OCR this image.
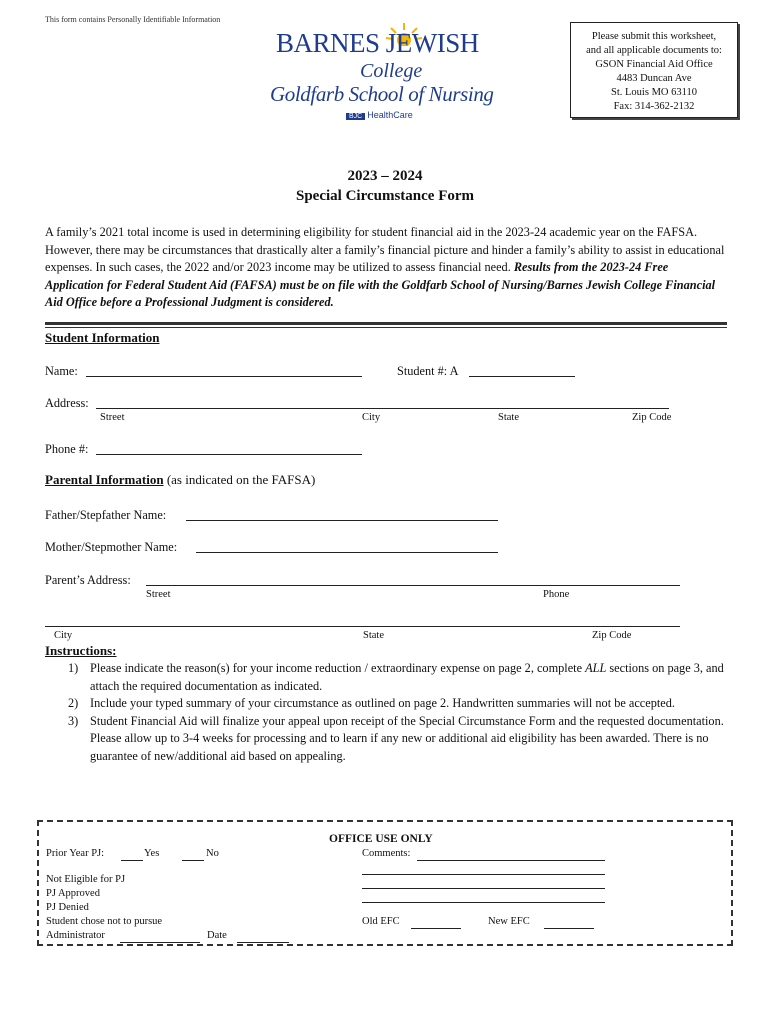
This form contains Personally Identifiable Information
BARNES JEWISH
College
Goldfarb School of Nursing
BJC HealthCare
Please submit this worksheet,
and all applicable documents to:
GSON Financial Aid Office
4483 Duncan Ave
St. Louis MO 63110
Fax: 314-362-2132
2023 – 2024
Special Circumstance Form
A family’s 2021 total income is used in determining eligibility for student financial aid in the 2023-24 academic year on the FAFSA. However, there may be circumstances that drastically alter a family’s financial picture and hinder a family’s ability to assist in educational expenses. In such cases, the 2022 and/or 2023 income may be utilized to assess financial need. Results from the 2023-24 Free Application for Federal Student Aid (FAFSA) must be on file with the Goldfarb School of Nursing/Barnes Jewish College Financial Aid Office before a Professional Judgment is considered.
Student Information
Name:	Student #: A
Address:
Street	City	State	Zip Code
Phone #:
Parental Information (as indicated on the FAFSA)
Father/Stepfather Name:
Mother/Stepmother Name:
Parent’s Address:
Street	Phone
City	State	Zip Code
Instructions:
1) Please indicate the reason(s) for your income reduction / extraordinary expense on page 2, complete ALL sections on page 3, and attach the required documentation as indicated.
2) Include your typed summary of your circumstance as outlined on page 2. Handwritten summaries will not be accepted.
3) Student Financial Aid will finalize your appeal upon receipt of the Special Circumstance Form and the requested documentation. Please allow up to 3-4 weeks for processing and to learn if any new or additional aid eligibility has been awarded. There is no guarantee of new/additional aid based on appealing.
OFFICE USE ONLY
Prior Year PJ:	Yes	No	Comments:
Not Eligible for PJ
PJ Approved
PJ Denied
Student chose not to pursue
Administrator	Date
Old EFC	New EFC
